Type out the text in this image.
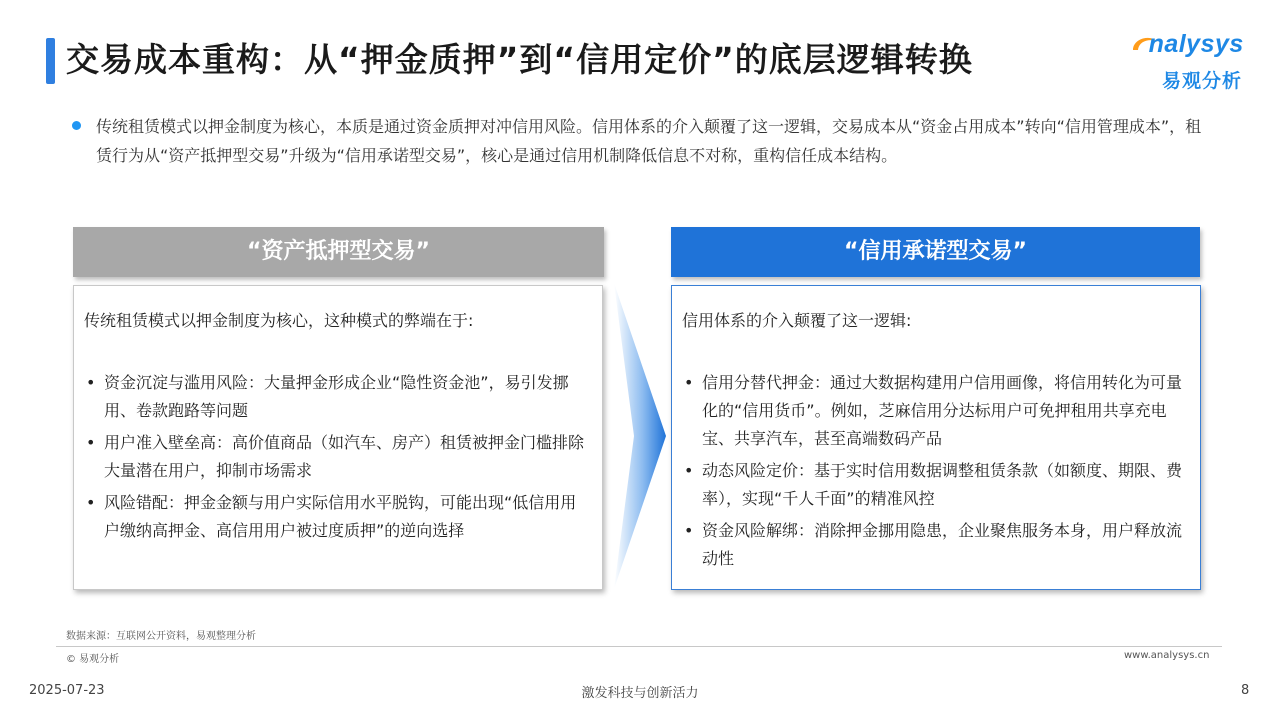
交易成本重构：从“押金质押”到“信用定价”的底层逻辑转换	nalysys
易观分析
传统租赁模式以押金制度为核心，本质是通过资金质押对冲信用风险。信用体系的介入颠覆了这一逻辑，交易成本从“资金占用成本”转向“信用管理成本”，租赁行为从“资产抵押型交易”升级为“信用承诺型交易”，核心是通过信用机制降低信息不对称，重构信任成本结构。
“资产抵押型交易”	“信用承诺型交易”
传统租赁模式以押金制度为核心，这种模式的弊端在于:
• 资金沉淀与滥用风险：大量押金形成企业“隐性资金池”，易引发挪用、卷款跑路等问题
• 用户准入壁垒高：高价值商品（如汽车、房产）租赁被押金门槛排除大量潜在用户，抑制市场需求
• 风险错配：押金金额与用户实际信用水平脱钩，可能出现“低信用用户缴纳高押金、高信用用户被过度质押”的逆向选择
信用体系的介入颠覆了这一逻辑:
• 信用分替代押金：通过大数据构建用户信用画像，将信用转化为可量化的“信用货币”。例如，芝麻信用分达标用户可免押租用共享充电宝、共享汽车，甚至高端数码产品
• 动态风险定价：基于实时信用数据调整租赁条款（如额度、期限、费率），实现“千人千面”的精准风控
• 资金风险解绑：消除押金挪用隐患，企业聚焦服务本身，用户释放流动性
数据来源：互联网公开资料，易观整理分析
© 易观分析	www.analysys.cn
2025-07-23	激发科技与创新活力	8
